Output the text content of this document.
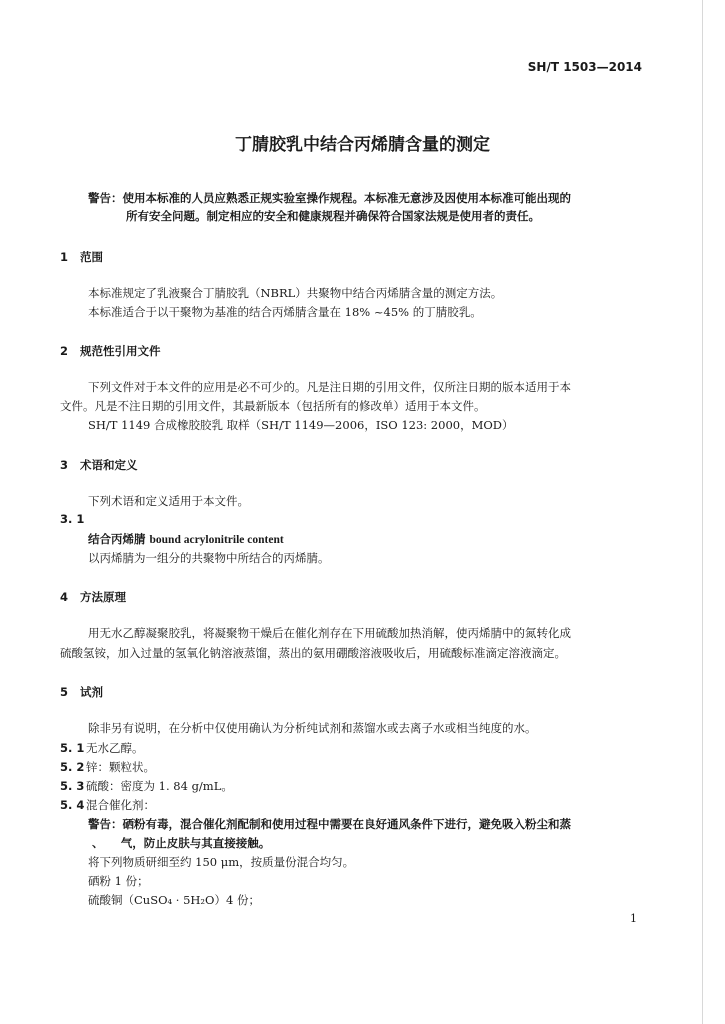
SH/T 1503—2014
丁腈胶乳中结合丙烯腈含量的测定
警告：使用本标准的人员应熟悉正规实验室操作规程。本标准无意涉及因使用本标准可能出现的
所有安全问题。制定相应的安全和健康规程并确保符合国家法规是使用者的责任。
1 范围
本标准规定了乳液聚合丁腈胶乳（NBRL）共聚物中结合丙烯腈含量的测定方法。
本标准适合于以干聚物为基准的结合丙烯腈含量在 18% ~45% 的丁腈胶乳。
2 规范性引用文件
下列文件对于本文件的应用是必不可少的。凡是注日期的引用文件，仅所注日期的版本适用于本
文件。凡是不注日期的引用文件，其最新版本（包括所有的修改单）适用于本文件。
SH/T 1149 合成橡胶胶乳 取样（SH/T 1149—2006，ISO 123: 2000，MOD）
3 术语和定义
下列术语和定义适用于本文件。
3. 1
结合丙烯腈 bound acrylonitrile content
以丙烯腈为一组分的共聚物中所结合的丙烯腈。
4 方法原理
用无水乙醇凝聚胶乳，将凝聚物干燥后在催化剂存在下用硫酸加热消解，使丙烯腈中的氮转化成
硫酸氢铵，加入过量的氢氧化钠溶液蒸馏，蒸出的氨用硼酸溶液吸收后，用硫酸标准滴定溶液滴定。
5 试剂
除非另有说明，在分析中仅使用确认为分析纯试剂和蒸馏水或去离子水或相当纯度的水。
5. 1 无水乙醇。
5. 2 锌：颗粒状。
5. 3 硫酸：密度为 1. 84 g/mL。
5. 4 混合催化剂：
警告：硒粉有毒，混合催化剂配制和使用过程中需要在良好通风条件下进行，避免吸入粉尘和蒸
、　　气，防止皮肤与其直接接触。
将下列物质研细至约 150 μm，按质量份混合均匀。
硒粉 1 份；
硫酸铜（CuSO₄ · 5H₂O）4 份；
1
